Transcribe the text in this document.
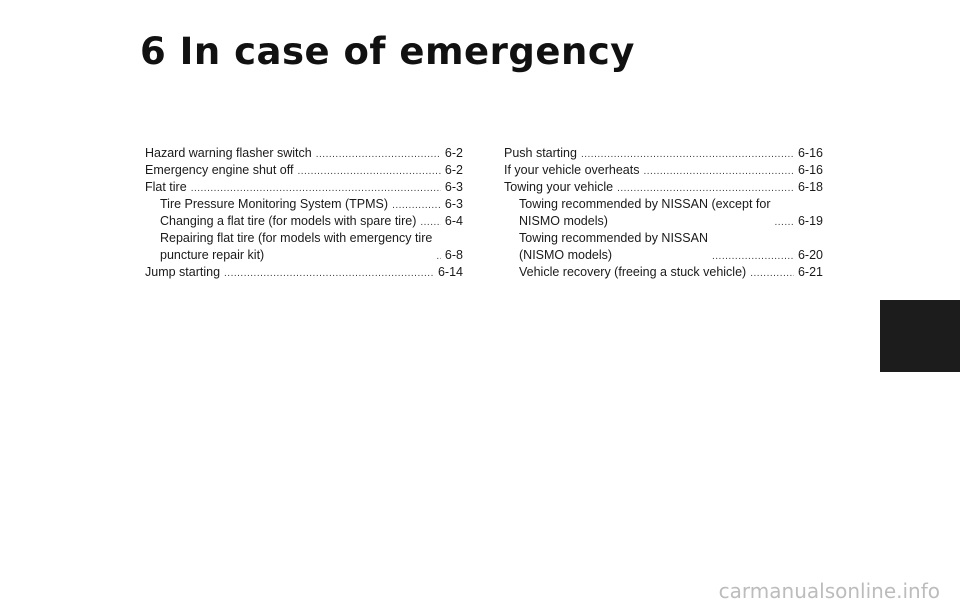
6 In case of emergency
Hazard warning flasher switch .....	6-2
Emergency engine shut off .....	6-2
Flat tire .....	6-3
Tire Pressure Monitoring System (TPMS) .....	6-3
Changing a flat tire (for models with spare tire) ..... 6-4
Repairing flat tire (for models with emergency tire
puncture repair kit) .....	6-8
Jump starting .....	6-14
Push starting .....	6-16
If your vehicle overheats .....	6-16
Towing your vehicle .....	6-18
Towing recommended by NISSAN (except for
NISMO models) .....	6-19
Towing recommended by NISSAN
(NISMO models) .....	6-20
Vehicle recovery (freeing a stuck vehicle) .....	6-21
carmanualsonline.info
